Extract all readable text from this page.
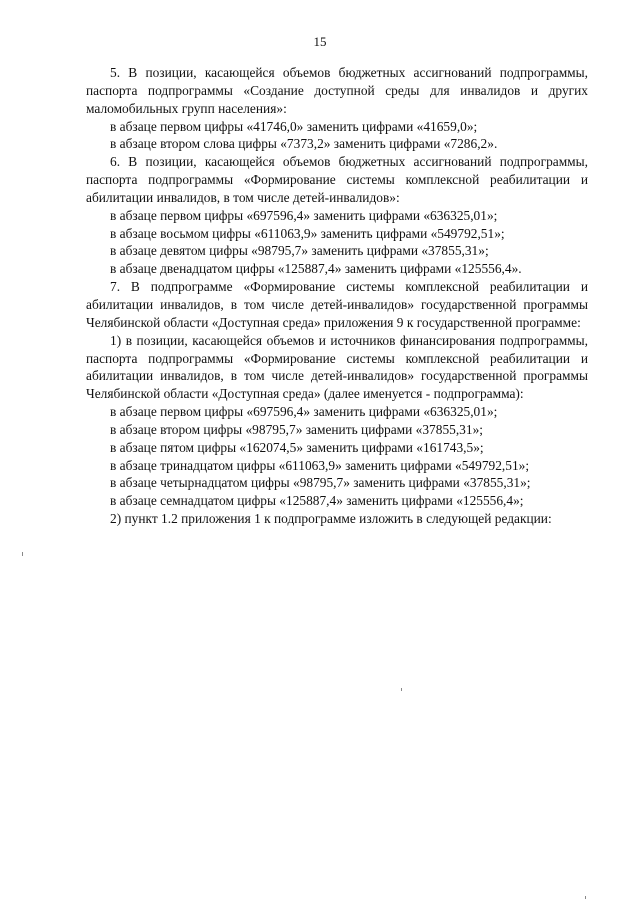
15

5. В позиции, касающейся объемов бюджетных ассигнований подпрограммы, паспорта подпрограммы «Создание доступной среды для инвалидов и других маломобильных групп населения»:

в абзаце первом цифры «41746,0» заменить цифрами «41659,0»;

в абзаце втором слова цифры «7373,2» заменить цифрами «7286,2».

6. В позиции, касающейся объемов бюджетных ассигнований подпрограммы, паспорта подпрограммы «Формирование системы комплексной реабилитации и абилитации инвалидов, в том числе детей-инвалидов»:

в абзаце первом цифры «697596,4» заменить цифрами «636325,01»;

в абзаце восьмом цифры «611063,9» заменить цифрами «549792,51»;

в абзаце девятом цифры «98795,7» заменить цифрами «37855,31»;

в абзаце двенадцатом цифры «125887,4» заменить цифрами «125556,4».

7. В подпрограмме «Формирование системы комплексной реабилитации и абилитации инвалидов, в том числе детей-инвалидов» государственной программы Челябинской области «Доступная среда» приложения 9 к государственной программе:

1) в позиции, касающейся объемов и источников финансирования подпрограммы, паспорта подпрограммы «Формирование системы комплексной реабилитации и абилитации инвалидов, в том числе детей-инвалидов» государственной программы Челябинской области «Доступная среда» (далее именуется - подпрограмма):

в абзаце первом цифры «697596,4» заменить цифрами «636325,01»;

в абзаце втором цифры «98795,7» заменить цифрами «37855,31»;

в абзаце пятом цифры «162074,5» заменить цифрами «161743,5»;

в абзаце тринадцатом цифры «611063,9» заменить цифрами «549792,51»;

в абзаце четырнадцатом цифры «98795,7» заменить цифрами «37855,31»;

в абзаце семнадцатом цифры «125887,4» заменить цифрами «125556,4»;

2) пункт 1.2 приложения 1 к подпрограмме изложить в следующей редакции:
